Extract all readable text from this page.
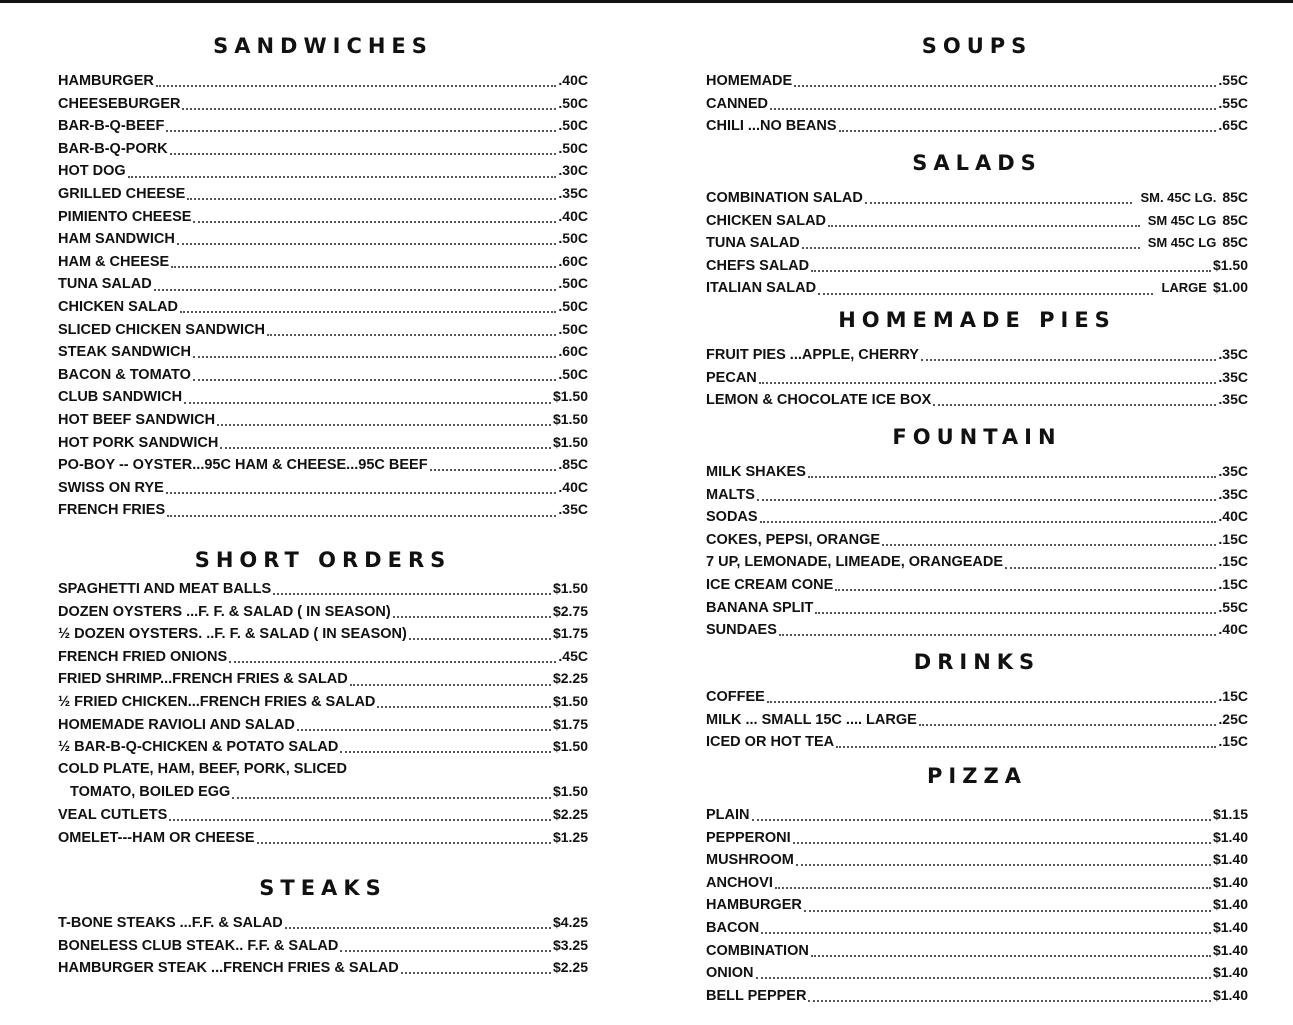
SANDWICHES
HAMBURGER	.40C
CHEESEBURGER	.50C
BAR-B-Q-BEEF	.50C
BAR-B-Q-PORK	.50C
HOT DOG	.30C
GRILLED CHEESE	.35C
PIMIENTO CHEESE	.40C
HAM SANDWICH	.50C
HAM & CHEESE	.60C
TUNA SALAD	.50C
CHICKEN SALAD	.50C
SLICED CHICKEN SANDWICH	.50C
STEAK SANDWICH	.60C
BACON & TOMATO	.50C
CLUB SANDWICH	$1.50
HOT BEEF SANDWICH	$1.50
HOT PORK SANDWICH	$1.50
PO-BOY -- OYSTER...95C HAM & CHEESE...95C BEEF	.85C
SWISS ON RYE	.40C
FRENCH FRIES	.35C
SHORT ORDERS
SPAGHETTI AND MEAT BALLS	$1.50
DOZEN OYSTERS ...F. F. & SALAD ( IN SEASON)	$2.75
½ DOZEN OYSTERS. ..F. F. & SALAD ( IN SEASON)	$1.75
FRENCH FRIED ONIONS	.45C
FRIED SHRIMP...FRENCH FRIES & SALAD	$2.25
½ FRIED CHICKEN...FRENCH FRIES & SALAD	$1.50
HOMEMADE RAVIOLI AND SALAD	$1.75
½ BAR-B-Q-CHICKEN & POTATO SALAD	$1.50
COLD PLATE, HAM, BEEF, PORK, SLICED
TOMATO, BOILED EGG	$1.50
VEAL CUTLETS	$2.25
OMELET---HAM OR CHEESE	$1.25
STEAKS
T-BONE STEAKS ...F.F. & SALAD	$4.25
BONELESS CLUB STEAK.. F.F. & SALAD	$3.25
HAMBURGER STEAK ...FRENCH FRIES & SALAD	$2.25
SOUPS
HOMEMADE	.55C
CANNED	.55C
CHILI ...NO BEANS	.65C
SALADS
COMBINATION SALAD	SM. 45C LG. 85C
CHICKEN SALAD	SM 45C LG 85C
TUNA SALAD	SM 45C LG 85C
CHEFS SALAD	$1.50
ITALIAN SALAD	LARGE $1.00
HOMEMADE PIES
FRUIT PIES ...APPLE, CHERRY	.35C
PECAN	.35C
LEMON & CHOCOLATE ICE BOX	.35C
FOUNTAIN
MILK SHAKES	.35C
MALTS	.35C
SODAS	.40C
COKES, PEPSI, ORANGE	.15C
7 UP, LEMONADE, LIMEADE, ORANGEADE	.15C
ICE CREAM CONE	.15C
BANANA SPLIT	.55C
SUNDAES	.40C
DRINKS
COFFEE	.15C
MILK ... SMALL 15C .... LARGE	.25C
ICED OR HOT TEA	.15C
PIZZA
PLAIN	$1.15
PEPPERONI	$1.40
MUSHROOM	$1.40
ANCHOVI	$1.40
HAMBURGER	$1.40
BACON	$1.40
COMBINATION	$1.40
ONION	$1.40
BELL PEPPER	$1.40
